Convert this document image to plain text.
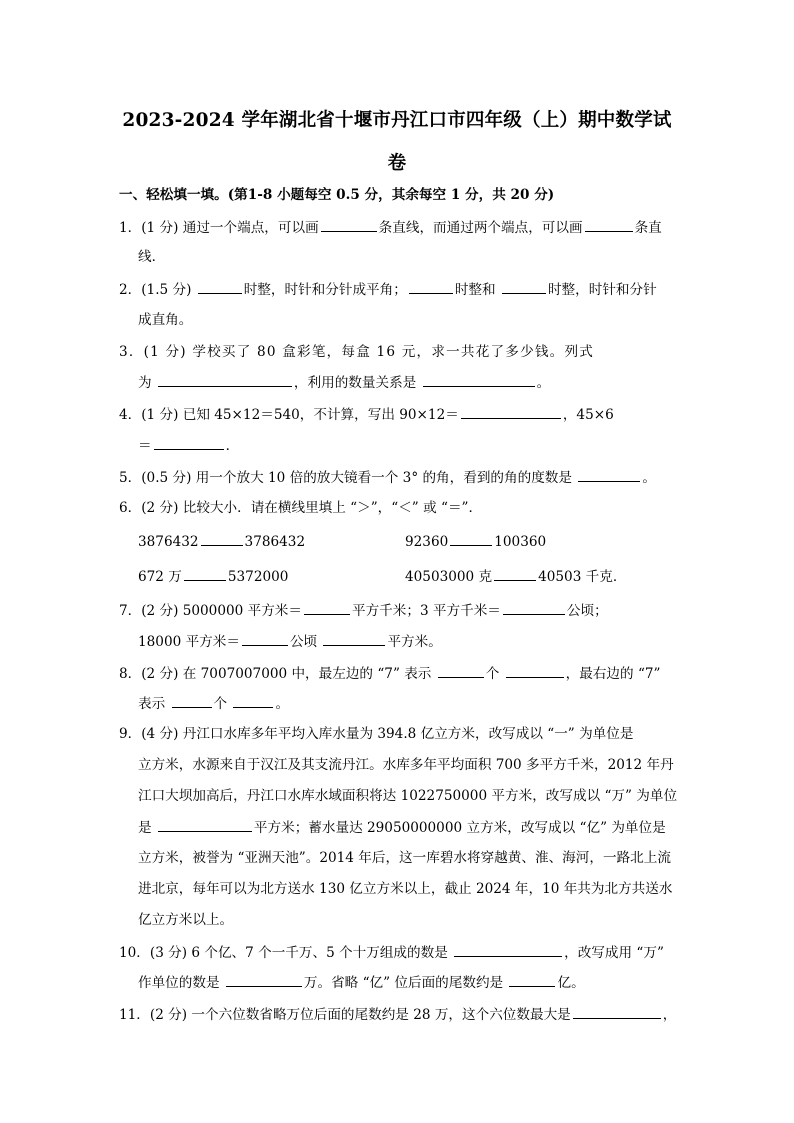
2023-2024 学年湖北省十堰市丹江口市四年级（上）期中数学试
卷
一、轻松填一填。(第1-8 小题每空 0.5 分，其余每空 1 分，共 20 分)
1．(1 分) 通过一个端点，可以画	条直线，而通过两个端点，可以画	条直
线．
2．(1.5 分)	时整，时针和分针成平角；	时整和	时整，时针和分针
成直角。
3．(1 分) 学校买了 80 盒彩笔，每盒 16 元，求一共花了多少钱。列式
为	，利用的数量关系是	。
4．(1 分) 已知 45×12＝540，不计算，写出 90×12＝	，45×6
＝	．
5．(0.5 分) 用一个放大 10 倍的放大镜看一个 3° 的角，看到的角的度数是	。
6．(2 分) 比较大小．请在横线里填上 “＞”，“＜” 或 “＝”．
3876432	3786432	92360	100360
672 万	5372000	40503000 克	40503 千克．
7．(2 分) 5000000 平方米＝	平方千米；3 平方千米＝	公顷；
18000 平方米＝	公顷	平方米。
8．(2 分) 在 7007007000 中，最左边的 “7” 表示	个	，最右边的 “7”
表示	个	。
9．(4 分) 丹江口水库多年平均入库水量为 394.8 亿立方米，改写成以 “一” 为单位是
立方米，水源来自于汉江及其支流丹江。水库多年平均面积 700 多平方千米，2012 年丹
江口大坝加高后，丹江口水库水域面积将达 1022750000 平方米，改写成以 “万” 为单位
是	平方米；蓄水量达 29050000000 立方米，改写成以 “亿” 为单位是
立方米，被誉为 “亚洲天池”。2014 年后，这一库碧水将穿越黄、淮、海河，一路北上流
进北京，每年可以为北方送水 130 亿立方米以上，截止 2024 年，10 年共为北方共送水
亿立方米以上。
10．(3 分) 6 个亿、7 个一千万、5 个十万组成的数是	，改写成用 “万”
作单位的数是	万。省略 “亿” 位后面的尾数约是	亿。
11．(2 分) 一个六位数省略万位后面的尾数约是 28 万，这个六位数最大是	，
